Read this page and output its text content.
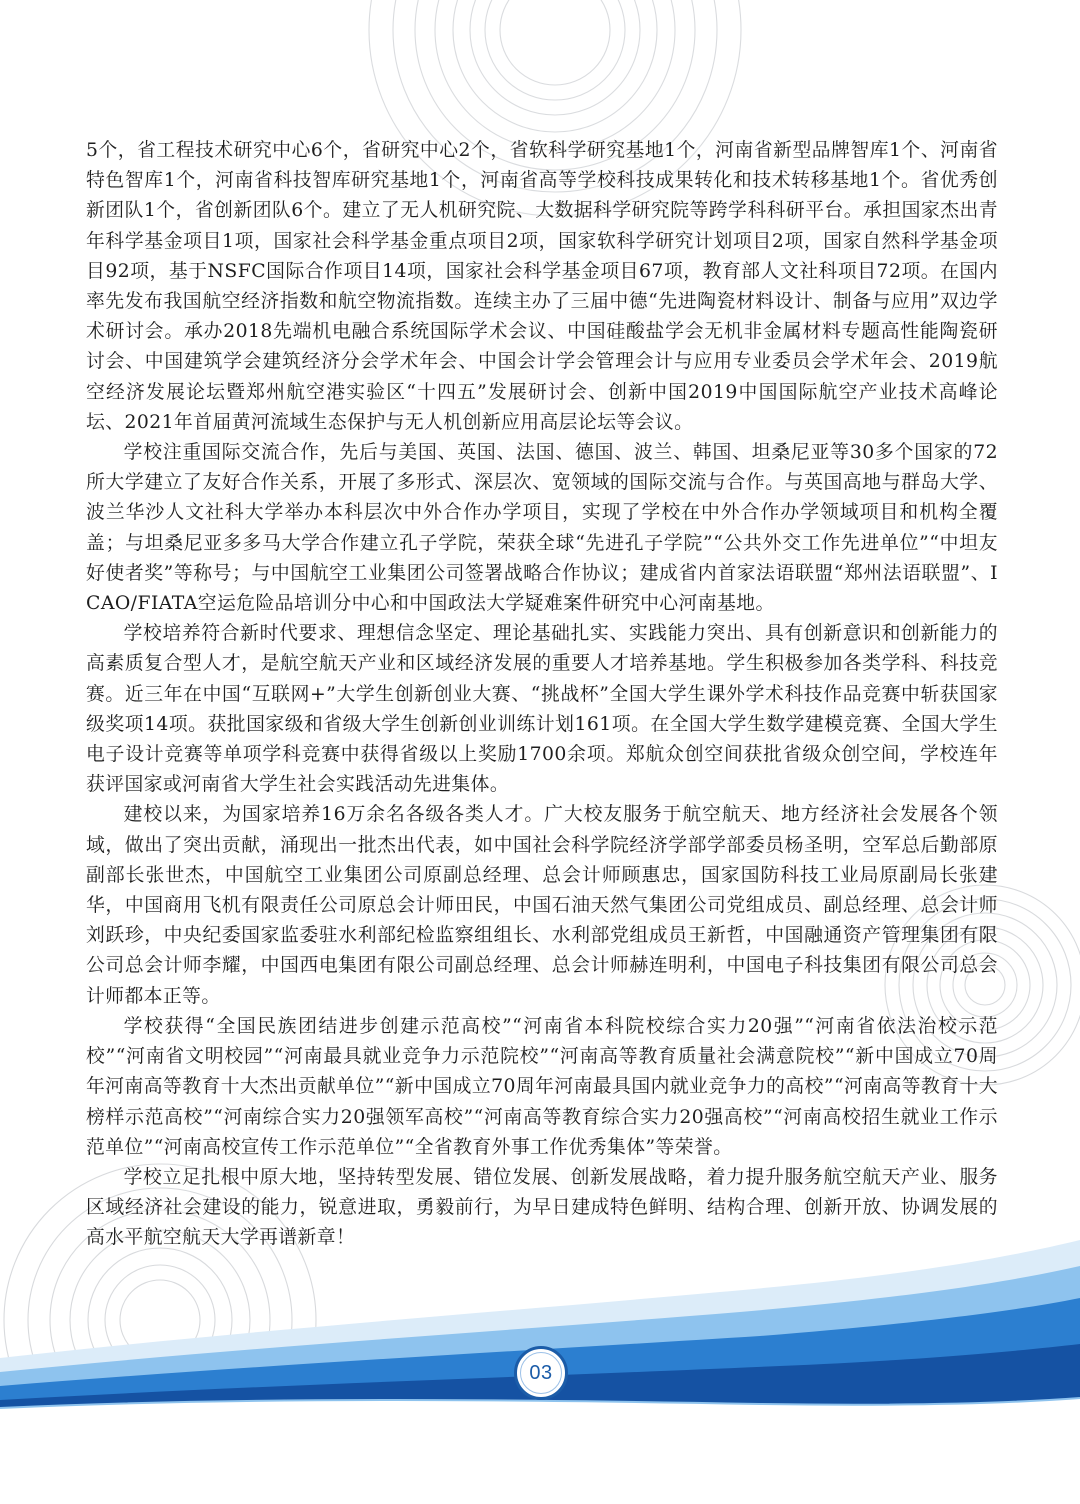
5个，省工程技术研究中心6个，省研究中心2个，省软科学研究基地1个，河南省新型品牌智库1个、河南省特色智库1个，河南省科技智库研究基地1个，河南省高等学校科技成果转化和技术转移基地1个。省优秀创新团队1个，省创新团队6个。建立了无人机研究院、大数据科学研究院等跨学科科研平台。承担国家杰出青年科学基金项目1项，国家社会科学基金重点项目2项，国家软科学研究计划项目2项，国家自然科学基金项目92项，基于NSFC国际合作项目14项，国家社会科学基金项目67项，教育部人文社科项目72项。在国内率先发布我国航空经济指数和航空物流指数。连续主办了三届中德“先进陶瓷材料设计、制备与应用”双边学术研讨会。承办2018先端机电融合系统国际学术会议、中国硅酸盐学会无机非金属材料专题高性能陶瓷研讨会、中国建筑学会建筑经济分会学术年会、中国会计学会管理会计与应用专业委员会学术年会、2019航空经济发展论坛暨郑州航空港实验区“十四五”发展研讨会、创新中国2019中国国际航空产业技术高峰论坛、2021年首届黄河流域生态保护与无人机创新应用高层论坛等会议。

学校注重国际交流合作，先后与美国、英国、法国、德国、波兰、韩国、坦桑尼亚等30多个国家的72所大学建立了友好合作关系，开展了多形式、深层次、宽领域的国际交流与合作。与英国高地与群岛大学、波兰华沙人文社科大学举办本科层次中外合作办学项目，实现了学校在中外合作办学领域项目和机构全覆盖；与坦桑尼亚多多马大学合作建立孔子学院，荣获全球“先进孔子学院”“公共外交工作先进单位”“中坦友好使者奖”等称号；与中国航空工业集团公司签署战略合作协议；建成省内首家法语联盟“郑州法语联盟”、ICAO/FIATA空运危险品培训分中心和中国政法大学疑难案件研究中心河南基地。

学校培养符合新时代要求、理想信念坚定、理论基础扎实、实践能力突出、具有创新意识和创新能力的高素质复合型人才，是航空航天产业和区域经济发展的重要人才培养基地。学生积极参加各类学科、科技竞赛。近三年在中国“互联网+”大学生创新创业大赛、“挑战杯”全国大学生课外学术科技作品竞赛中斩获国家级奖项14项。获批国家级和省级大学生创新创业训练计划161项。在全国大学生数学建模竞赛、全国大学生电子设计竞赛等单项学科竞赛中获得省级以上奖励1700余项。郑航众创空间获批省级众创空间，学校连年获评国家或河南省大学生社会实践活动先进集体。

建校以来，为国家培养16万余名各级各类人才。广大校友服务于航空航天、地方经济社会发展各个领域，做出了突出贡献，涌现出一批杰出代表，如中国社会科学院经济学部学部委员杨圣明，空军总后勤部原副部长张世杰，中国航空工业集团公司原副总经理、总会计师顾惠忠，国家国防科技工业局原副局长张建华，中国商用飞机有限责任公司原总会计师田民，中国石油天然气集团公司党组成员、副总经理、总会计师刘跃珍，中央纪委国家监委驻水利部纪检监察组组长、水利部党组成员王新哲，中国融通资产管理集团有限公司总会计师李耀，中国西电集团有限公司副总经理、总会计师赫连明利，中国电子科技集团有限公司总会计师都本正等。

学校获得“全国民族团结进步创建示范高校”“河南省本科院校综合实力20强”“河南省依法治校示范校”“河南省文明校园”“河南最具就业竞争力示范院校”“河南高等教育质量社会满意院校”“新中国成立70周年河南高等教育十大杰出贡献单位”“新中国成立70周年河南最具国内就业竞争力的高校”“河南高等教育十大榜样示范高校”“河南综合实力20强领军高校”“河南高等教育综合实力20强高校”“河南高校招生就业工作示范单位”“河南高校宣传工作示范单位”“全省教育外事工作优秀集体”等荣誉。

学校立足扎根中原大地，坚持转型发展、错位发展、创新发展战略，着力提升服务航空航天产业、服务区域经济社会建设的能力，锐意进取，勇毅前行，为早日建成特色鲜明、结构合理、创新开放、协调发展的高水平航空航天大学再谱新章！

03
